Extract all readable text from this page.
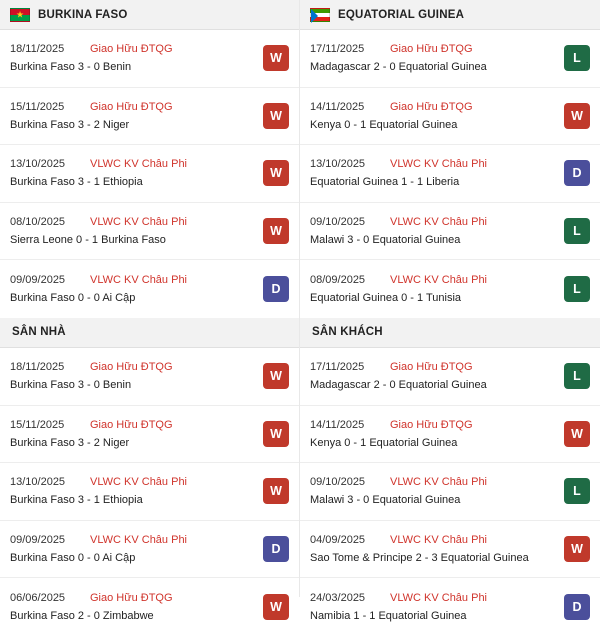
★
BURKINA FASO
18/11/2025	Giao Hữu ĐTQG
Burkina Faso 3 - 0 Benin
W
15/11/2025	Giao Hữu ĐTQG
Burkina Faso 3 - 2 Niger
W
13/10/2025	VLWC KV Châu Phi
Burkina Faso 3 - 1 Ethiopia
W
08/10/2025	VLWC KV Châu Phi
Sierra Leone 0 - 1 Burkina Faso
W
09/09/2025	VLWC KV Châu Phi
Burkina Faso 0 - 0 Ai Cập
D
SÂN NHÀ
18/11/2025	Giao Hữu ĐTQG
Burkina Faso 3 - 0 Benin
W
15/11/2025	Giao Hữu ĐTQG
Burkina Faso 3 - 2 Niger
W
13/10/2025	VLWC KV Châu Phi
Burkina Faso 3 - 1 Ethiopia
W
09/09/2025	VLWC KV Châu Phi
Burkina Faso 0 - 0 Ai Cập
D
06/06/2025	Giao Hữu ĐTQG
Burkina Faso 2 - 0 Zimbabwe
W
EQUATORIAL GUINEA
17/11/2025	Giao Hữu ĐTQG
Madagascar 2 - 0 Equatorial Guinea
L
14/11/2025	Giao Hữu ĐTQG
Kenya 0 - 1 Equatorial Guinea
W
13/10/2025	VLWC KV Châu Phi
Equatorial Guinea 1 - 1 Liberia
D
09/10/2025	VLWC KV Châu Phi
Malawi 3 - 0 Equatorial Guinea
L
08/09/2025	VLWC KV Châu Phi
Equatorial Guinea 0 - 1 Tunisia
L
SÂN KHÁCH
17/11/2025	Giao Hữu ĐTQG
Madagascar 2 - 0 Equatorial Guinea
L
14/11/2025	Giao Hữu ĐTQG
Kenya 0 - 1 Equatorial Guinea
W
09/10/2025	VLWC KV Châu Phi
Malawi 3 - 0 Equatorial Guinea
L
04/09/2025	VLWC KV Châu Phi
Sao Tome & Principe 2 - 3 Equatorial Guinea
W
24/03/2025	VLWC KV Châu Phi
Namibia 1 - 1 Equatorial Guinea
D
